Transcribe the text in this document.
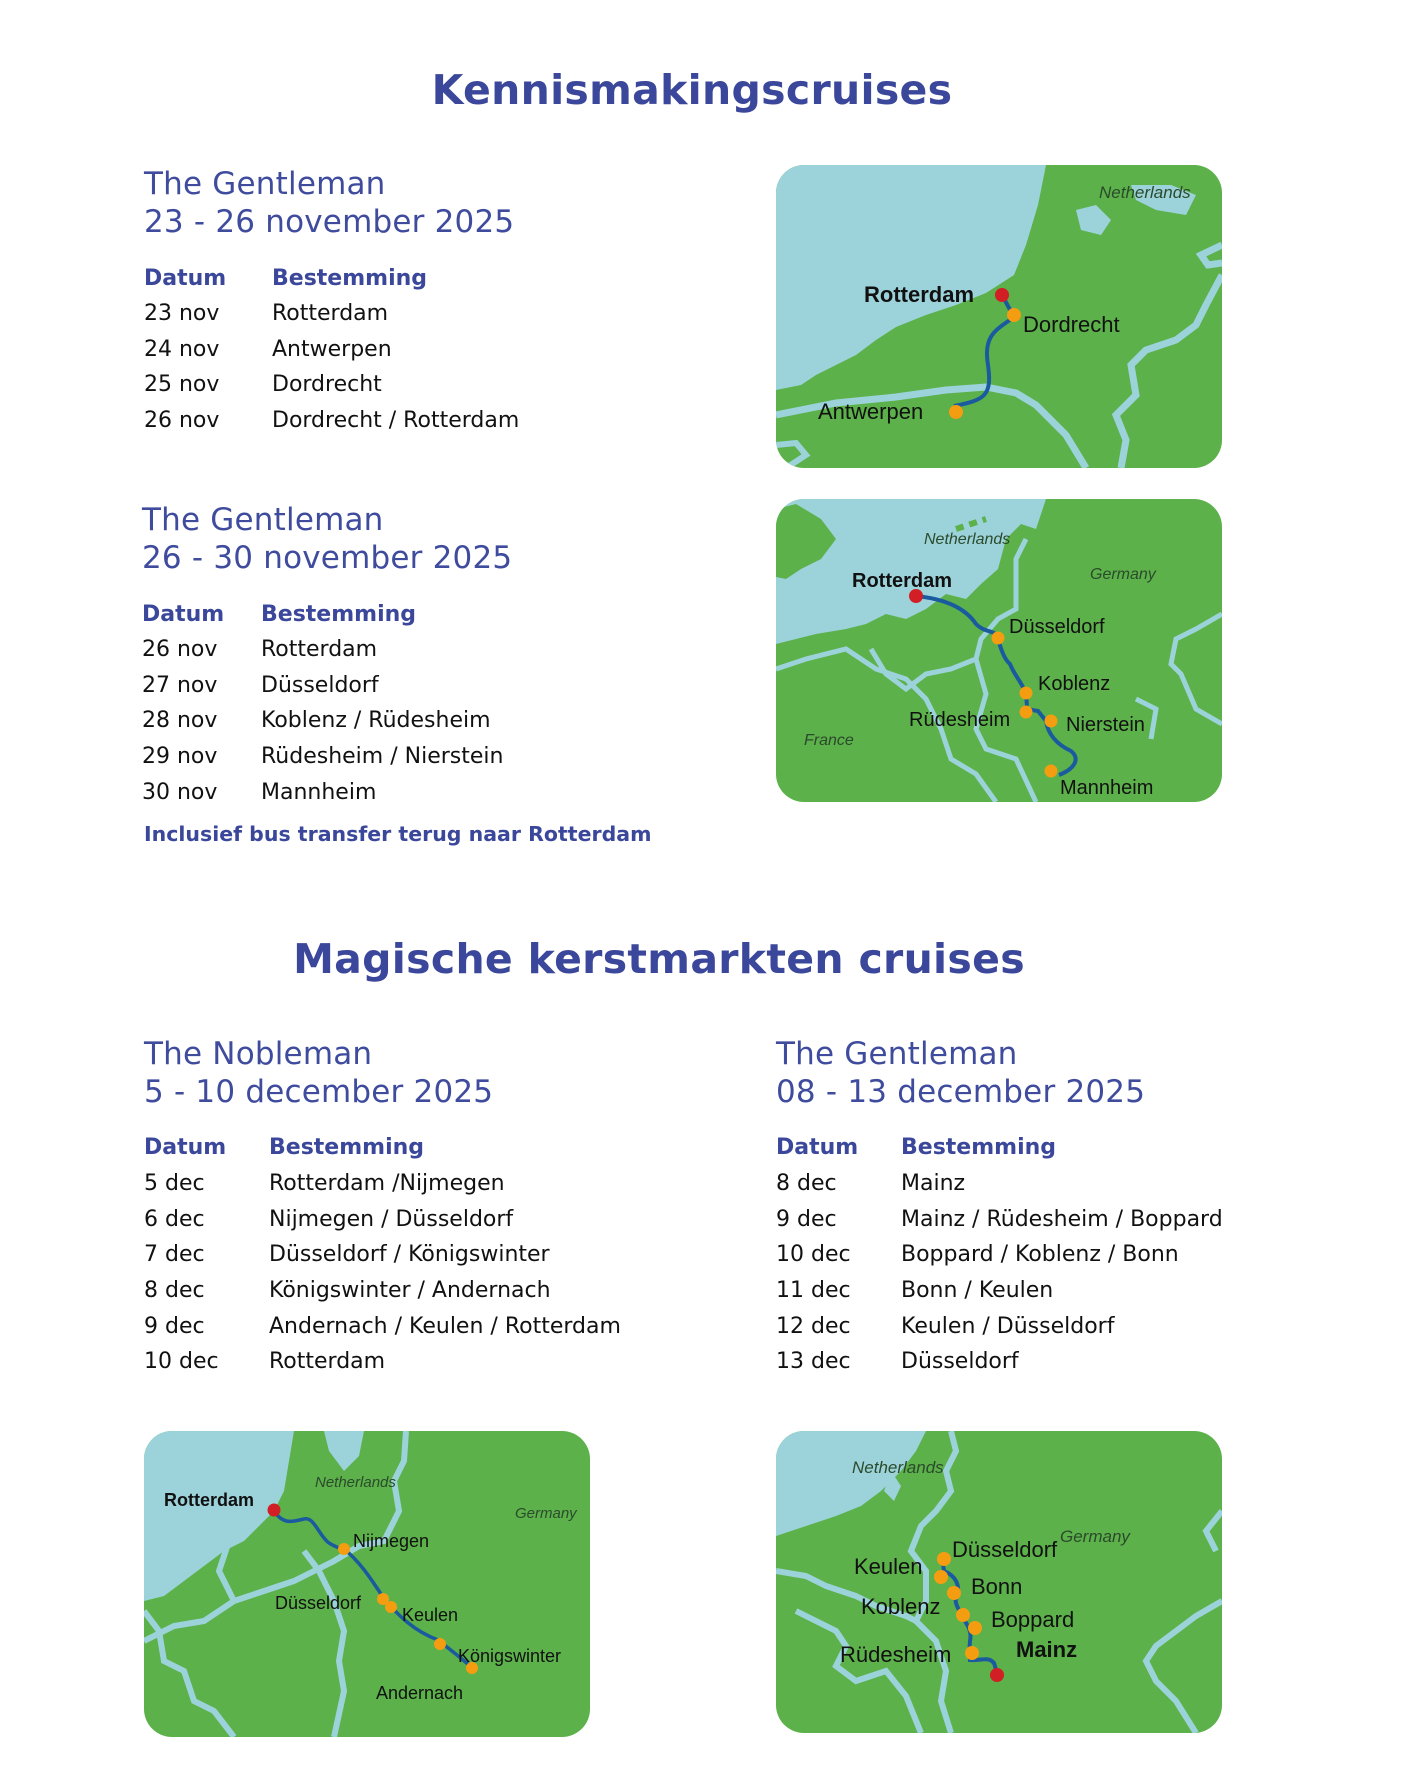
Kennismakingscruises
The Gentleman
23 - 26 november 2025
Datum Bestemming
23 nov Rotterdam
24 nov Antwerpen
25 nov Dordrecht
26 nov Dordrecht / Rotterdam
Netherlands
Rotterdam
Dordrecht
Antwerpen
The Gentleman
26 - 30 november 2025
Datum Bestemming
26 nov Rotterdam
27 nov Düsseldorf
28 nov Koblenz / Rüdesheim
29 nov Rüdesheim / Nierstein
30 nov Mannheim
Inclusief bus transfer terug naar Rotterdam
Netherlands
Germany
France
Rotterdam
Düsseldorf
Koblenz
Rüdesheim	Nierstein
Mannheim
Magische kerstmarkten cruises
The Nobleman
5 - 10 december 2025
Datum Bestemming
5 dec	Rotterdam /Nijmegen
6 dec	Nijmegen / Düsseldorf
7 dec	Düsseldorf / Königswinter
8 dec	Königswinter / Andernach
9 dec	Andernach / Keulen / Rotterdam
10 dec Rotterdam
The Gentleman
08 - 13 december 2025
Datum Bestemming
8 dec	Mainz
9 dec	Mainz / Rüdesheim / Boppard
10 dec Boppard / Koblenz / Bonn
11 dec Bonn / Keulen
12 dec Keulen / Düsseldorf
13 dec Düsseldorf
Netherlands
Germany
Rotterdam
Nijmegen
Düsseldorf
Keulen
Königswinter
Andernach
Netherlands
Germany
Düsseldorf
Keulen
Bonn
Koblenz
Boppard
Rüdesheim	Mainz
